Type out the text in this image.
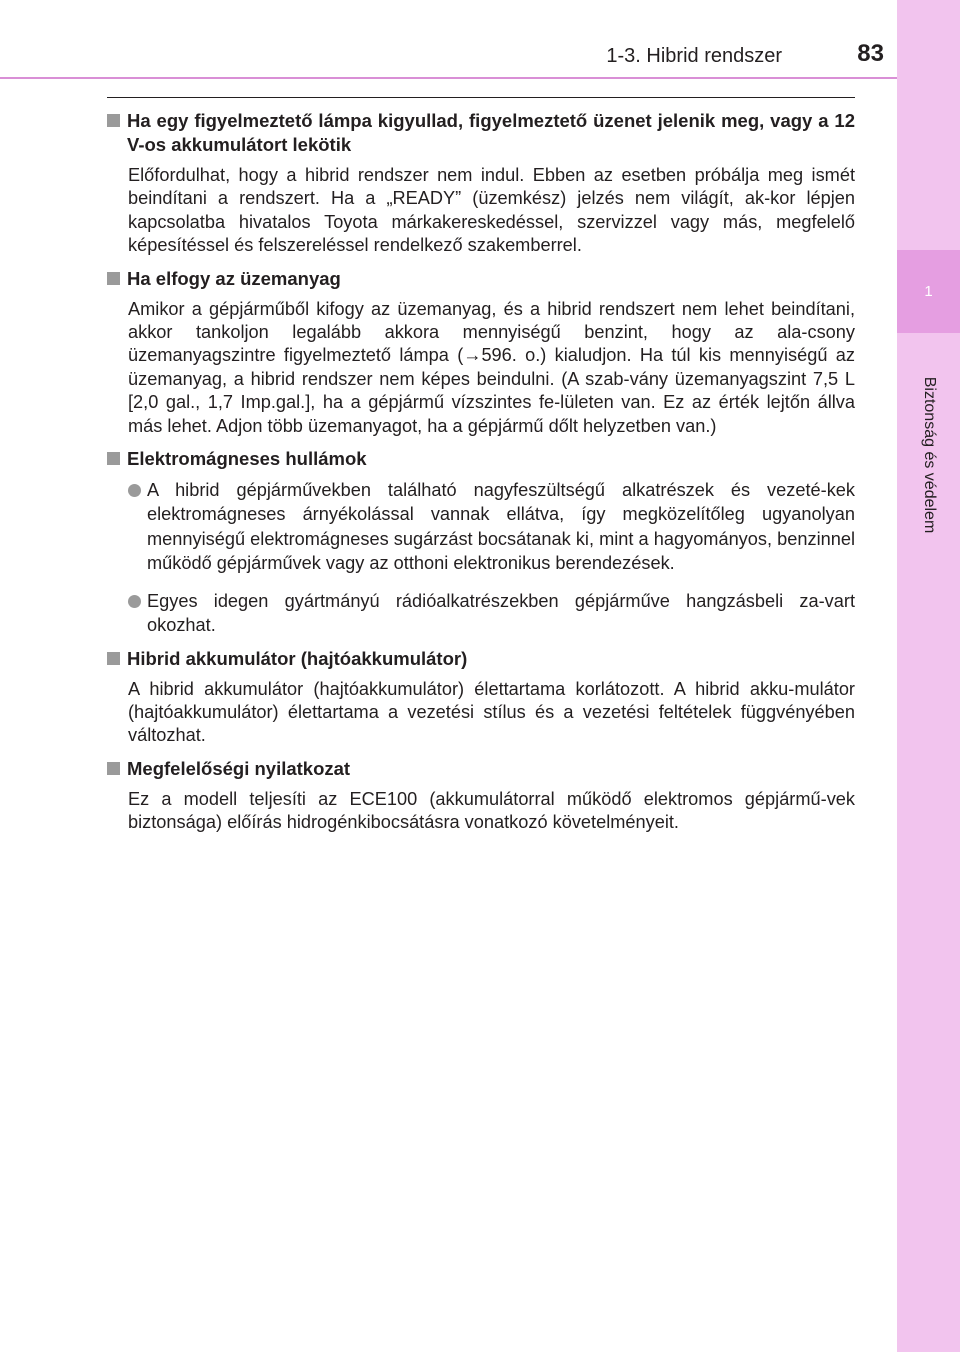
1
Biztonság és védelem
1-3. Hibrid rendszer	83
Ha egy figyelmeztető lámpa kigyullad, figyelmeztető üzenet jelenik meg, vagy a 12 V-os akkumulátort lekötik
Előfordulhat, hogy a hibrid rendszer nem indul. Ebben az esetben próbálja meg ismét beindítani a rendszert. Ha a „READY” (üzemkész) jelzés nem világít, ak-kor lépjen kapcsolatba hivatalos Toyota márkakereskedéssel, szervizzel vagy más, megfelelő képesítéssel és felszereléssel rendelkező szakemberrel.
Ha elfogy az üzemanyag
Amikor a gépjárműből kifogy az üzemanyag, és a hibrid rendszert nem lehet beindítani, akkor tankoljon legalább akkora mennyiségű benzint, hogy az ala-csony üzemanyagszintre figyelmeztető lámpa (→596. o.) kialudjon. Ha túl kis mennyiségű az üzemanyag, a hibrid rendszer nem képes beindulni. (A szab-vány üzemanyagszint 7,5 L [2,0 gal., 1,7 Imp.gal.], ha a gépjármű vízszintes fe-lületen van. Ez az érték lejtőn állva más lehet. Adjon több üzemanyagot, ha a gépjármű dőlt helyzetben van.)
Elektromágneses hullámok
A hibrid gépjárművekben található nagyfeszültségű alkatrészek és vezeté-kek elektromágneses árnyékolással vannak ellátva, így megközelítőleg ugyanolyan mennyiségű elektromágneses sugárzást bocsátanak ki, mint a hagyományos, benzinnel működő gépjárművek vagy az otthoni elektronikus berendezések.
Egyes idegen gyártmányú rádióalkatrészekben gépjárműve hangzásbeli za-vart okozhat.
Hibrid akkumulátor (hajtóakkumulátor)
A hibrid akkumulátor (hajtóakkumulátor) élettartama korlátozott. A hibrid akku-mulátor (hajtóakkumulátor) élettartama a vezetési stílus és a vezetési feltételek függvényében változhat.
Megfelelőségi nyilatkozat
Ez a modell teljesíti az ECE100 (akkumulátorral működő elektromos gépjármű-vek biztonsága) előírás hidrogénkibocsátásra vonatkozó követelményeit.
